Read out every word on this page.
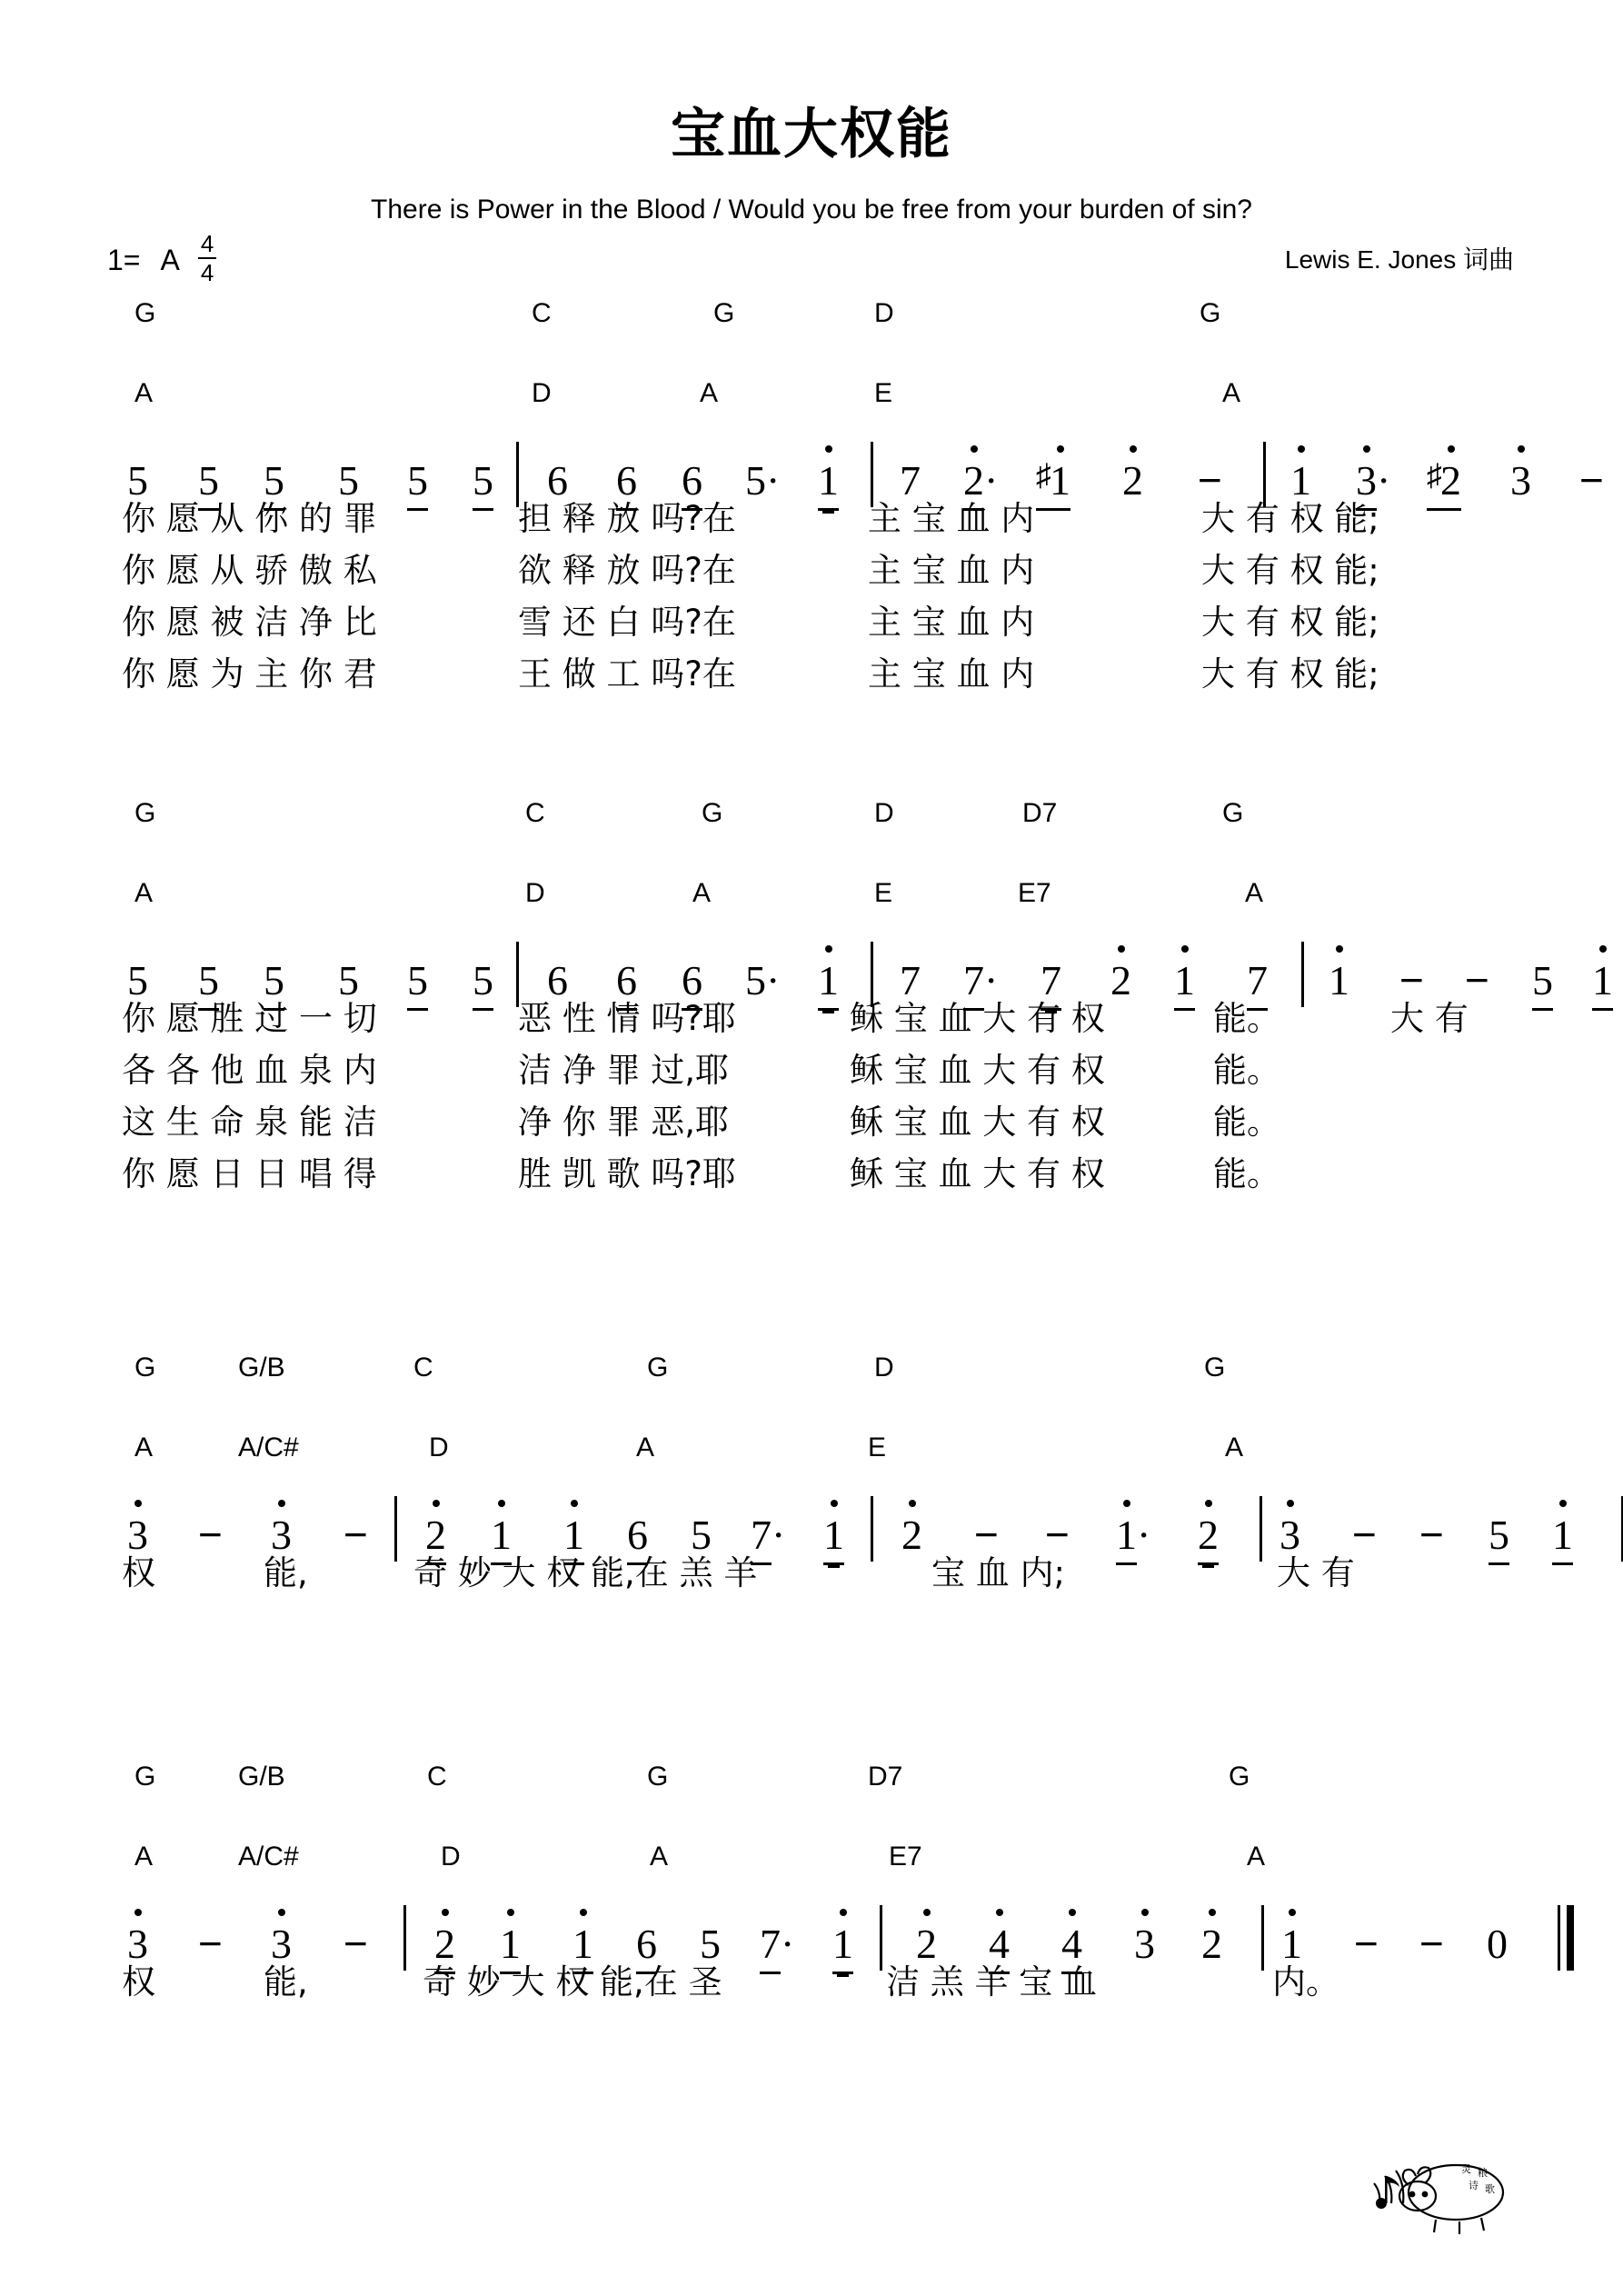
宝血大权能
There is Power in the Blood / Would you be free from your burden of sin?
1= A $\frac{4}{4}$	Lewis E. Jones 词曲
G	C	G	D	G
A	D	A	E	A
5 5 5 5 5 5 6 6 6 5· 1 7 2· ♯1 2 − 1 3· ♯2 3 −
你 愿 从 你 的 罪	担 释 放 吗?在	主 宝 血 内	大 有 权 能;
你 愿 从 骄 傲 私	欲 释 放 吗?在	主 宝 血 内	大 有 权 能;
你 愿 被 洁 净 比	雪 还 白 吗?在	主 宝 血 内	大 有 权 能;
你 愿 为 主 你 君	王 做 工 吗?在	主 宝 血 内	大 有 权 能;
G	C	G	D	D7	G
A	D	A	E	E7	A
5 5 5 5 5 5 6 6 6 5· 1 7 7· 7 2 1 7 1 − − 5 1
你 愿 胜 过 一 切	恶 性 情 吗?耶	稣 宝 血 大 有 权	能。	大 有
各 各 他 血 泉 内	洁 净 罪 过,耶	稣 宝 血 大 有 权	能。
这 生 命 泉 能 洁	净 你 罪 恶,耶	稣 宝 血 大 有 权	能。
你 愿 日 日 唱 得	胜 凯 歌 吗?耶	稣 宝 血 大 有 权	能。
G	G/B	C	G	D	G
A	A/C#	D	A	E	A
3 − 3 − 2 1 1 6 5 7· 1 2 − − 1· 2 3 − − 5 1
权	能,	奇 妙 大 权 能,在 羔 羊	宝 血 内;	大 有
G	G/B	C	G	D7	G
A	A/C#	D	A	E7	A
3 − 3 − 2 1 1 6 5 7· 1 2 4 4 3 2 1 − − 0
权	能,	奇 妙 大 权 能,在 圣	洁 羔 羊 宝 血	内。
灵 粮
诗 歌
